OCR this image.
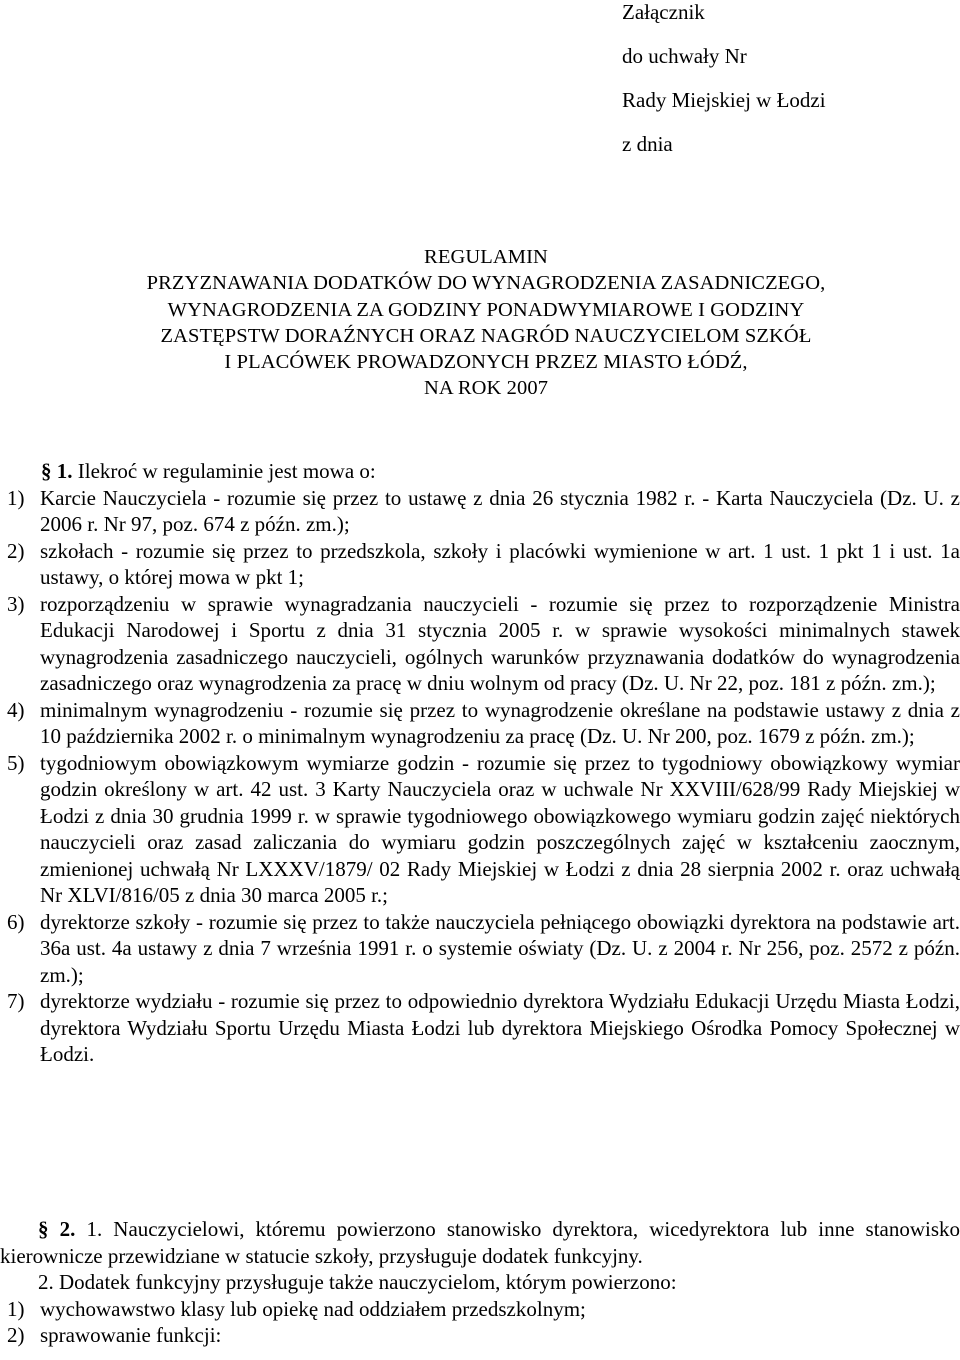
Załącznik
do uchwały Nr
Rady Miejskiej w Łodzi
z dnia
REGULAMIN
PRZYZNAWANIA DODATKÓW DO WYNAGRODZENIA ZASADNICZEGO,
WYNAGRODZENIA ZA GODZINY PONADWYMIAROWE I GODZINY
ZASTĘPSTW DORAŹNYCH ORAZ NAGRÓD NAUCZYCIELOM SZKÓŁ
I PLACÓWEK PROWADZONYCH PRZEZ MIASTO ŁÓDŹ,
NA ROK 2007
§ 1. Ilekroć w regulaminie jest mowa o:
1) Karcie Nauczyciela - rozumie się przez to ustawę z dnia 26 stycznia 1982 r. - Karta Nauczyciela (Dz. U. z 2006 r. Nr 97, poz. 674 z późn. zm.);
2) szkołach - rozumie się przez to przedszkola, szkoły i placówki wymienione w art. 1 ust. 1 pkt 1 i ust. 1a ustawy, o której mowa w pkt 1;
3) rozporządzeniu w sprawie wynagradzania nauczycieli - rozumie się przez to rozporządzenie Ministra Edukacji Narodowej i Sportu z dnia 31 stycznia 2005 r. w sprawie wysokości minimalnych stawek wynagrodzenia zasadniczego nauczycieli, ogólnych warunków przyznawania dodatków do wynagrodzenia zasadniczego oraz wynagrodzenia za pracę w dniu wolnym od pracy (Dz. U. Nr 22, poz. 181 z późn. zm.);
4) minimalnym wynagrodzeniu - rozumie się przez to wynagrodzenie określane na podstawie ustawy z dnia z 10 października 2002 r. o minimalnym wynagrodzeniu za pracę (Dz. U. Nr 200, poz. 1679 z późn. zm.);
5) tygodniowym obowiązkowym wymiarze godzin - rozumie się przez to tygodniowy obowiązkowy wymiar godzin określony w art. 42 ust. 3 Karty Nauczyciela oraz w uchwale Nr XXVIII/628/99 Rady Miejskiej w Łodzi z dnia 30 grudnia 1999 r. w sprawie tygodniowego obowiązkowego wymiaru godzin zajęć niektórych nauczycieli oraz zasad zaliczania do wymiaru godzin poszczególnych zajęć w kształceniu zaocznym, zmienionej uchwałą Nr LXXXV/1879/ 02 Rady Miejskiej w Łodzi z dnia 28 sierpnia 2002 r. oraz uchwałą Nr XLVI/816/05 z dnia 30 marca 2005 r.;
6) dyrektorze szkoły - rozumie się przez to także nauczyciela pełniącego obowiązki dyrektora na podstawie art. 36a ust. 4a ustawy z dnia 7 września 1991 r. o systemie oświaty (Dz. U. z 2004 r. Nr 256, poz. 2572 z późn. zm.);
7) dyrektorze wydziału - rozumie się przez to odpowiednio dyrektora Wydziału Edukacji Urzędu Miasta Łodzi, dyrektora Wydziału Sportu Urzędu Miasta Łodzi lub dyrektora Miejskiego Ośrodka Pomocy Społecznej w Łodzi.
§ 2. 1. Nauczycielowi, któremu powierzono stanowisko dyrektora, wicedyrektora lub inne stanowisko kierownicze przewidziane w statucie szkoły, przysługuje dodatek funkcyjny.
2. Dodatek funkcyjny przysługuje także nauczycielom, którym powierzono:
1) wychowawstwo klasy lub opiekę nad oddziałem przedszkolnym;
2) sprawowanie funkcji:
